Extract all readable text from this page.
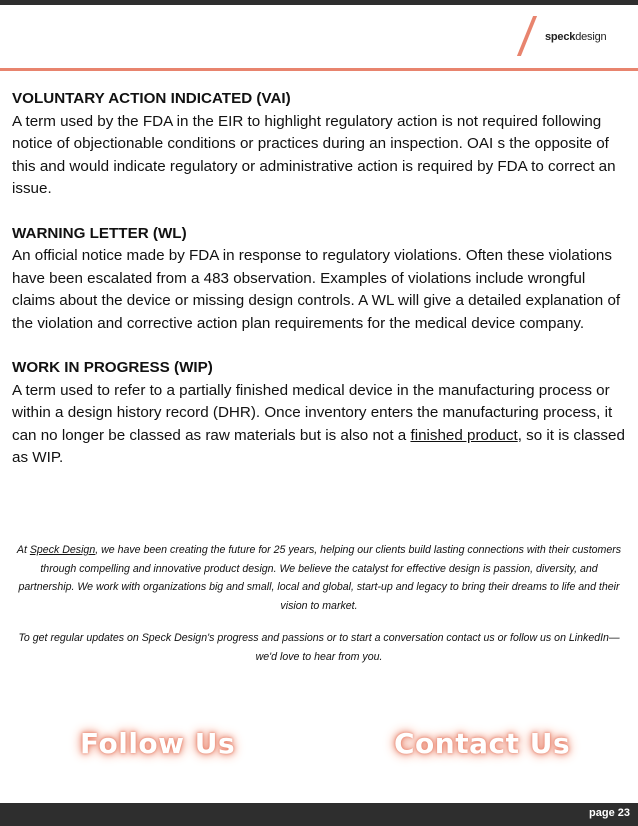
speckdesign
VOLUNTARY ACTION INDICATED (VAI)
A term used by the FDA in the EIR to highlight regulatory action is not required following notice of objectionable conditions or practices during an inspection. OAI s the opposite of this and would indicate regulatory or administrative action is required by FDA to correct an issue.
WARNING LETTER (WL)
An official notice made by FDA in response to regulatory violations. Often these violations have been escalated from a 483 observation. Examples of violations include wrongful claims about the device or missing design controls. A WL will give a detailed explanation of the violation and corrective action plan requirements for the medical device company.
WORK IN PROGRESS (WIP)
A term used to refer to a partially finished medical device in the manufacturing process or within a design history record (DHR). Once inventory enters the manufacturing process, it can no longer be classed as raw materials but is also not a finished product, so it is classed as WIP.

At Speck Design, we have been creating the future for 25 years, helping our clients build lasting connections with their customers through compelling and innovative product design. We believe the catalyst for effective design is passion, diversity, and partnership. We work with organizations big and small, local and global, start-up and legacy to bring their dreams to life and their vision to market.

To get regular updates on Speck Design's progress and passions or to start a conversation contact us or follow us on LinkedIn—we'd love to hear from you.

Follow Us	Contact Us
page 23
